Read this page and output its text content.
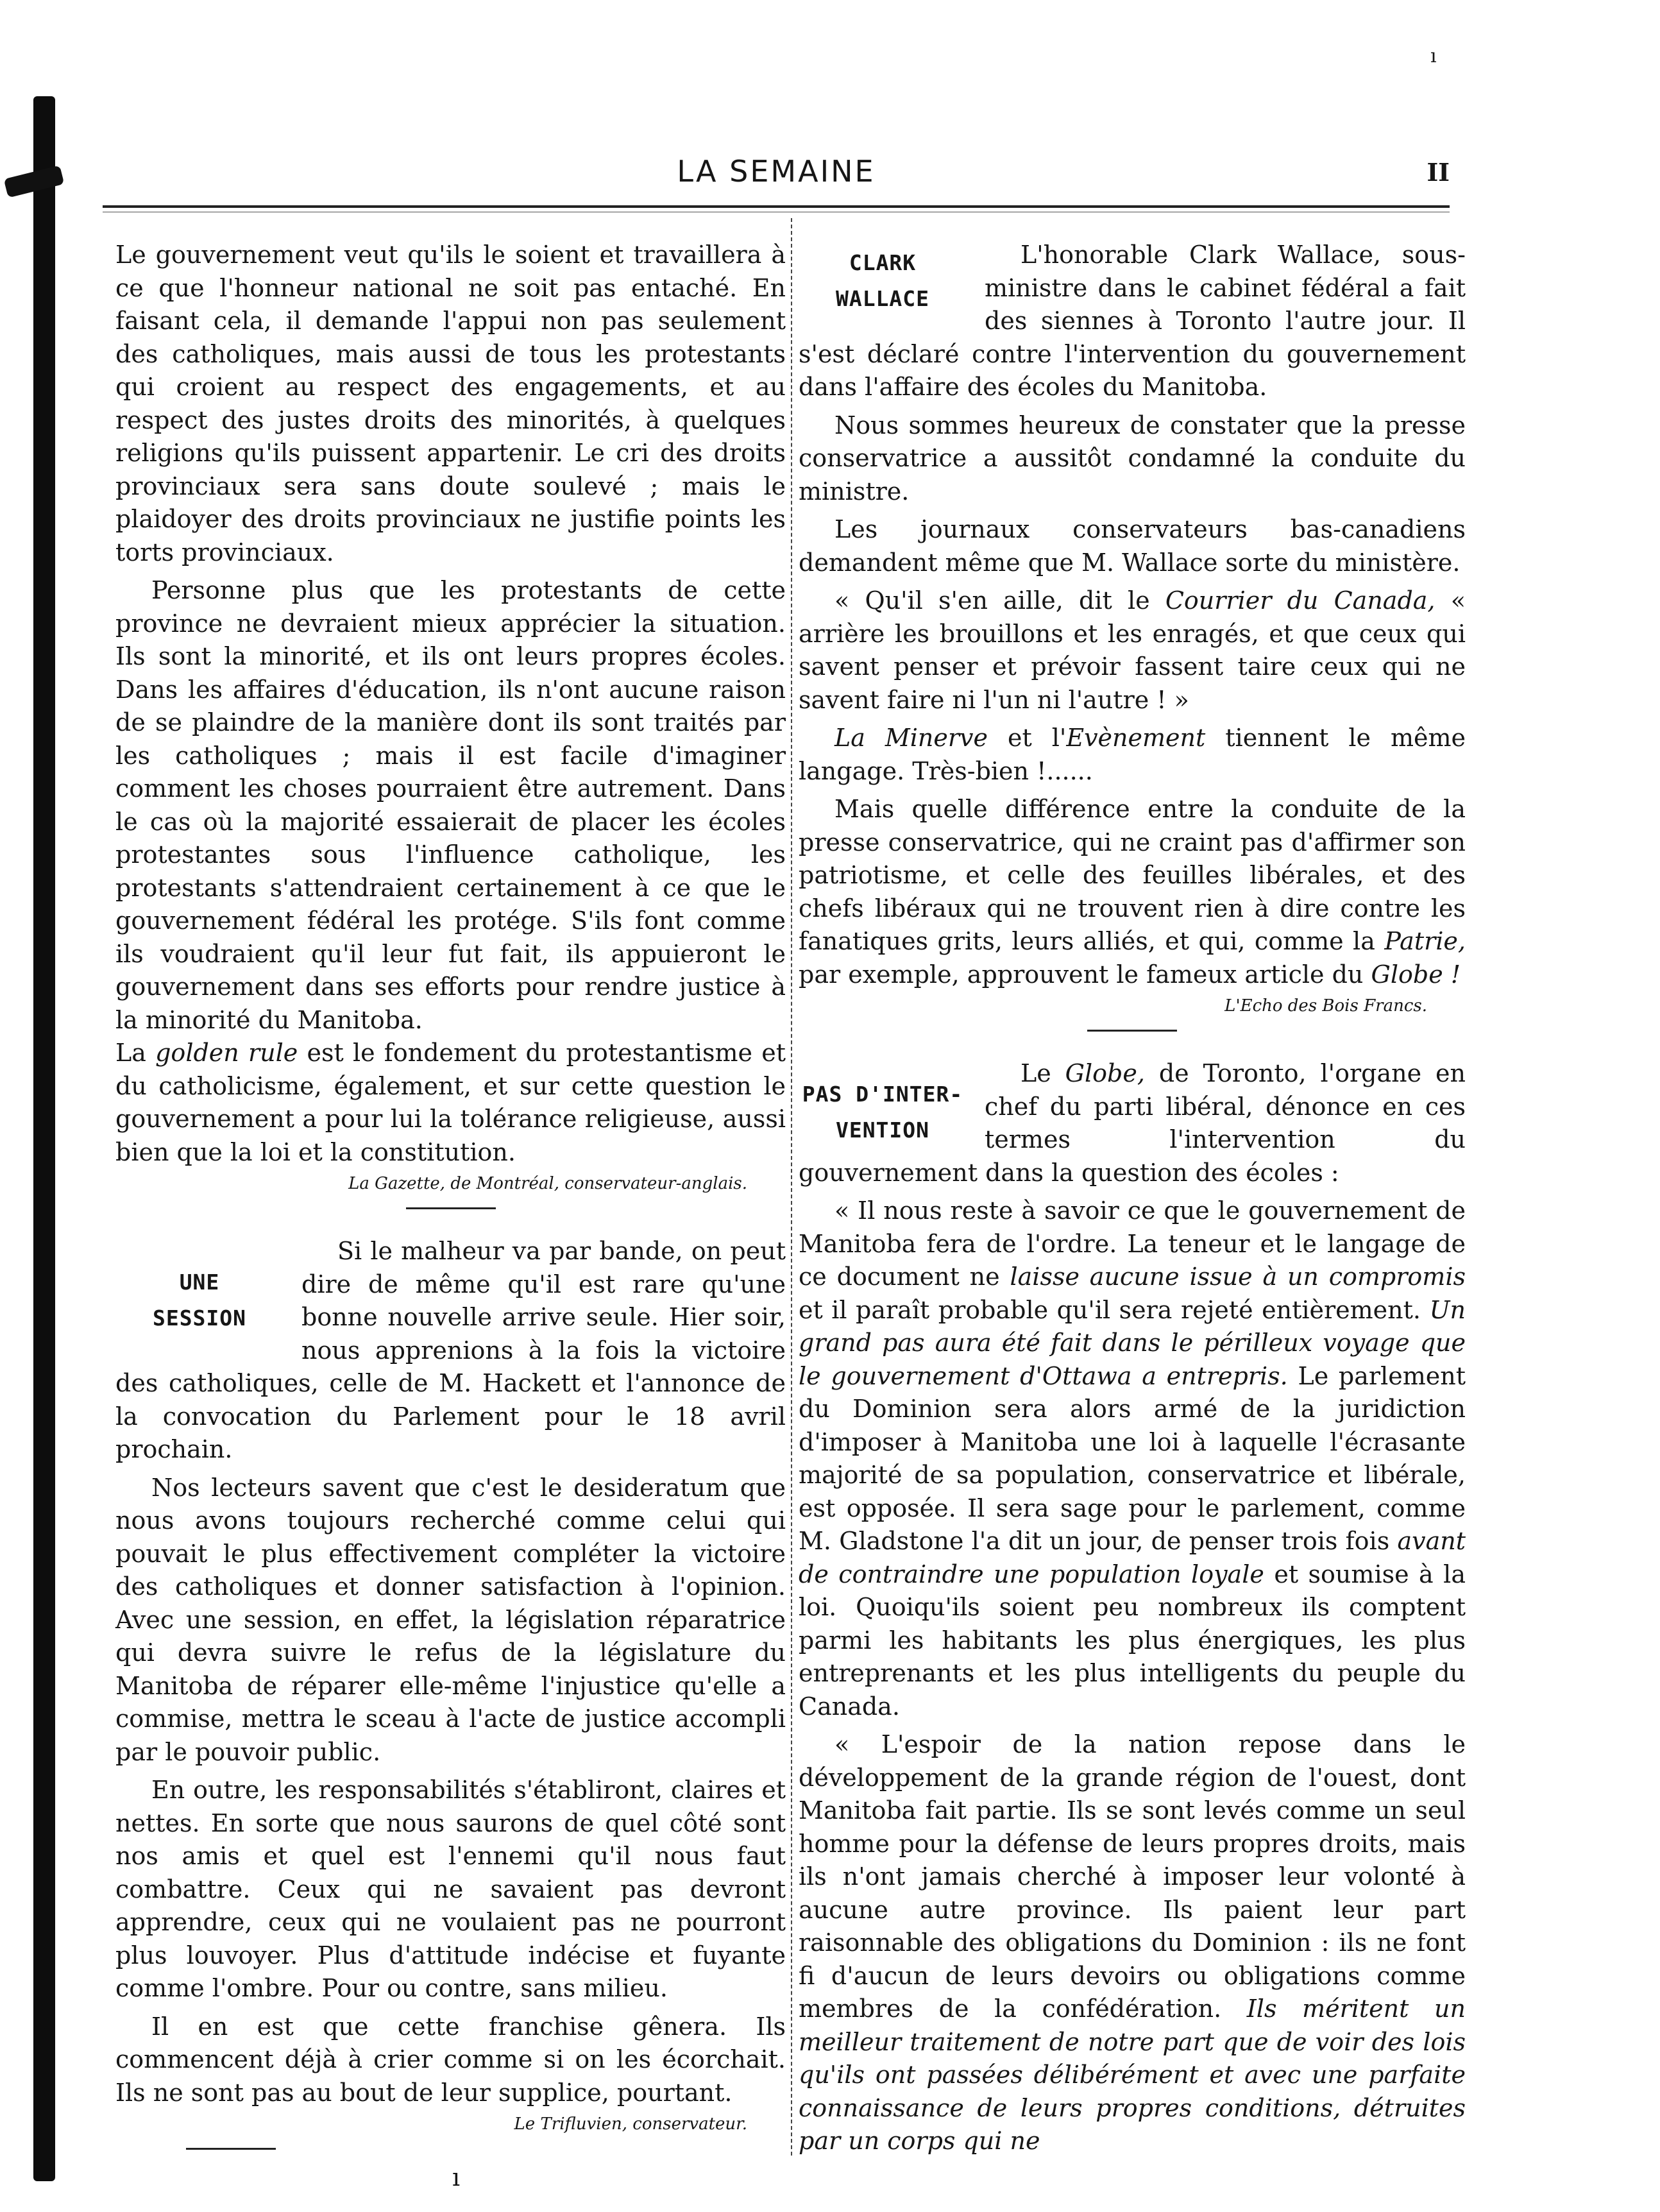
ı
LA SEMAINE	II

Le gouvernement veut qu'ils le soient et travaillera à ce que l'honneur national ne soit pas entaché. En faisant cela, il demande l'appui non pas seulement des catholiques, mais aussi de tous les protestants qui croient au respect des engagements, et au respect des justes droits des minorités, à quelques religions qu'ils puissent appartenir. Le cri des droits provinciaux sera sans doute soulevé ; mais le plaidoyer des droits provinciaux ne justifie points les torts provinciaux.

Personne plus que les protestants de cette province ne devraient mieux apprécier la situation. Ils sont la minorité, et ils ont leurs propres écoles. Dans les affaires d'éducation, ils n'ont aucune raison de se plaindre de la manière dont ils sont traités par les catholiques ; mais il est facile d'imaginer comment les choses pourraient être autrement. Dans le cas où la majorité essaierait de placer les écoles protestantes sous l'influence catholique, les protestants s'attendraient certainement à ce que le gouvernement fédéral les protége. S'ils font comme ils voudraient qu'il leur fut fait, ils appuieront le gouvernement dans ses efforts pour rendre justice à la minorité du Manitoba.

La golden rule est le fondement du protestantisme et du catholicisme, également, et sur cette question le gouvernement a pour lui la tolérance religieuse, aussi bien que la loi et la constitution.

La Gazette, de Montréal, conservateur-anglais.
UNE
SESSION

Si le malheur va par bande, on peut dire de même qu'il est rare qu'une bonne nouvelle arrive seule. Hier soir, nous apprenions à la fois la victoire des catholiques, celle de M. Hackett et l'annonce de la convocation du Parlement pour le 18 avril prochain.

Nos lecteurs savent que c'est le desideratum que nous avons toujours recherché comme celui qui pouvait le plus effectivement compléter la victoire des catholiques et donner satisfaction à l'opinion. Avec une session, en effet, la législation réparatrice qui devra suivre le refus de la législature du Manitoba de réparer elle-même l'injustice qu'elle a commise, mettra le sceau à l'acte de justice accompli par le pouvoir public.

En outre, les responsabilités s'établiront, claires et nettes. En sorte que nous saurons de quel côté sont nos amis et quel est l'ennemi qu'il nous faut combattre. Ceux qui ne savaient pas devront apprendre, ceux qui ne voulaient pas ne pourront plus louvoyer. Plus d'attitude indécise et fuyante comme l'ombre. Pour ou contre, sans milieu.

Il en est que cette franchise gênera. Ils commencent déjà à crier comme si on les écorchait. Ils ne sont pas au bout de leur supplice, pourtant.

Le Trifluvien, conservateur.
CLARK
WALLACE

L'honorable Clark Wallace, sous-ministre dans le cabinet fédéral a fait des siennes à Toronto l'autre jour. Il s'est déclaré contre l'intervention du gouvernement dans l'affaire des écoles du Manitoba.

Nous sommes heureux de constater que la presse conservatrice a aussitôt condamné la conduite du ministre.

Les journaux conservateurs bas-canadiens demandent même que M. Wallace sorte du ministère.

« Qu'il s'en aille, dit le Courrier du Canada, « arrière les brouillons et les enragés, et que ceux qui savent penser et prévoir fassent taire ceux qui ne savent faire ni l'un ni l'autre ! »

La Minerve et l'Evènement tiennent le même langage. Très-bien !......

Mais quelle différence entre la conduite de la presse conservatrice, qui ne craint pas d'affirmer son patriotisme, et celle des feuilles libérales, et des chefs libéraux qui ne trouvent rien à dire contre les fanatiques grits, leurs alliés, et qui, comme la Patrie, par exemple, approuvent le fameux article du Globe !

L'Echo des Bois Francs.
PAS D'INTER-
VENTION

Le Globe, de Toronto, l'organe en chef du parti libéral, dénonce en ces termes l'intervention du gouvernement dans la question des écoles :

« Il nous reste à savoir ce que le gouvernement de Manitoba fera de l'ordre. La teneur et le langage de ce document ne laisse aucune issue à un compromis et il paraît probable qu'il sera rejeté entièrement. Un grand pas aura été fait dans le périlleux voyage que le gouvernement d'Ottawa a entrepris. Le parlement du Dominion sera alors armé de la juridiction d'imposer à Manitoba une loi à laquelle l'écrasante majorité de sa population, conservatrice et libérale, est opposée. Il sera sage pour le parlement, comme M. Gladstone l'a dit un jour, de penser trois fois avant de contraindre une population loyale et soumise à la loi. Quoiqu'ils soient peu nombreux ils comptent parmi les habitants les plus énergiques, les plus entreprenants et les plus intelligents du peuple du Canada.

« L'espoir de la nation repose dans le développement de la grande région de l'ouest, dont Manitoba fait partie. Ils se sont levés comme un seul homme pour la défense de leurs propres droits, mais ils n'ont jamais cherché à imposer leur volonté à aucune autre province. Ils paient leur part raisonnable des obligations du Dominion : ils ne font fi d'aucun de leurs devoirs ou obligations comme membres de la confédération. Ils méritent un meilleur traitement de notre part que de voir des lois qu'ils ont passées délibérément et avec une parfaite connaissance de leurs propres conditions, détruites par un corps qui ne

ı
